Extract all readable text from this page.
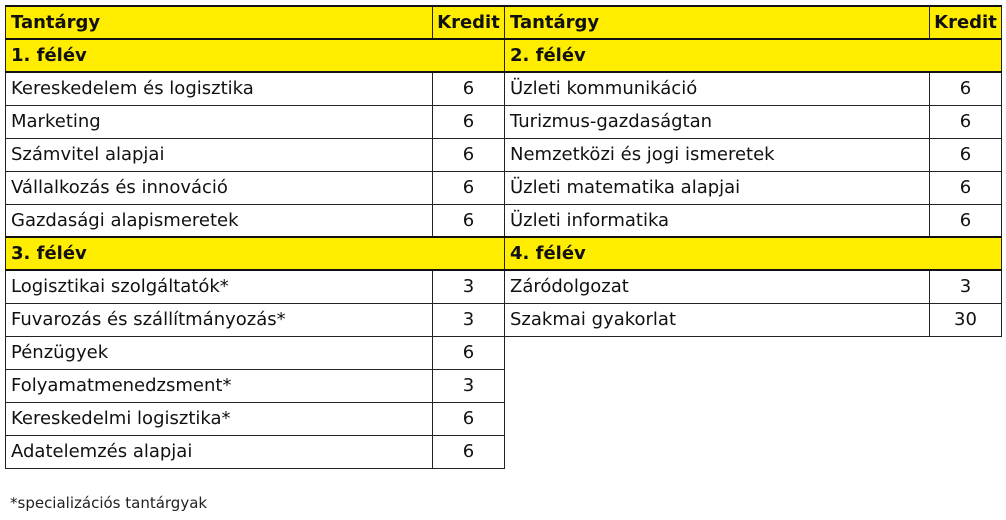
Tantárgy	Kredit
1. félév	
Kereskedelem és logisztika	6
Marketing	6
Számvitel alapjai	6
Vállalkozás és innováció	6
Gazdasági alapismeretek	6
3. félév	
Logisztikai szolgáltatók*	3
Fuvarozás és szállítmányozás*	3
Pénzügyek	6
Folyamatmenedzsment*	3
Kereskedelmi logisztika*	6
Adatelemzés alapjai	6
Tantárgy	Kredit
2. félév	
Üzleti kommunikáció	6
Turizmus-gazdaságtan	6
Nemzetközi és jogi ismeretek	6
Üzleti matematika alapjai	6
Üzleti informatika	6
4. félév	
Záródolgozat	3
Szakmai gyakorlat	30
*specializációs tantárgyak
